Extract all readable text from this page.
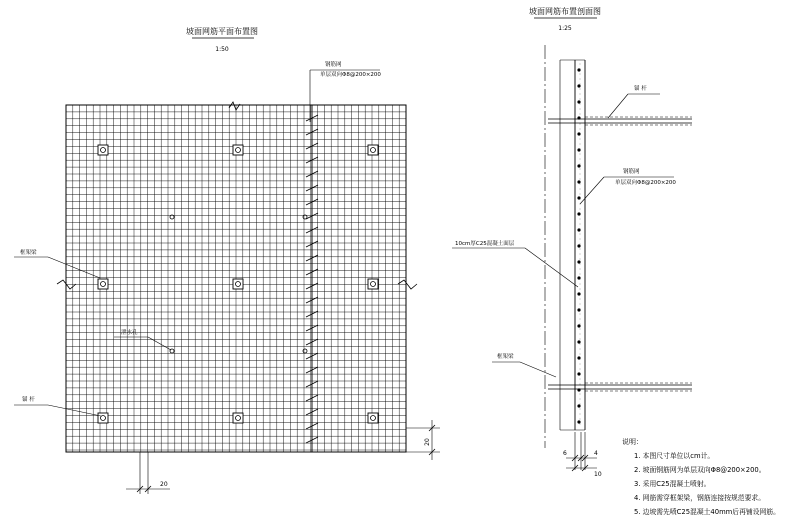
坡面网筋平面布置图
1:50
钢筋网
单层双向Φ8@200×200
框架梁
泄水孔
锚 杆
20
20
坡面网筋布置剖面图
1:25
锚 杆
钢筋网
单层双向Φ8@200×200
10cm厚C25混凝土面层
框架梁
6	4
10
说明：
1. 本图尺寸单位以cm计。
2. 坡面钢筋网为单层双向Φ8@200×200。
3. 采用C25混凝土喷射。
4. 网筋需穿框架梁，钢筋连接按规范要求。
5. 边坡需先喷C25混凝土40mm后再铺设网筋。
